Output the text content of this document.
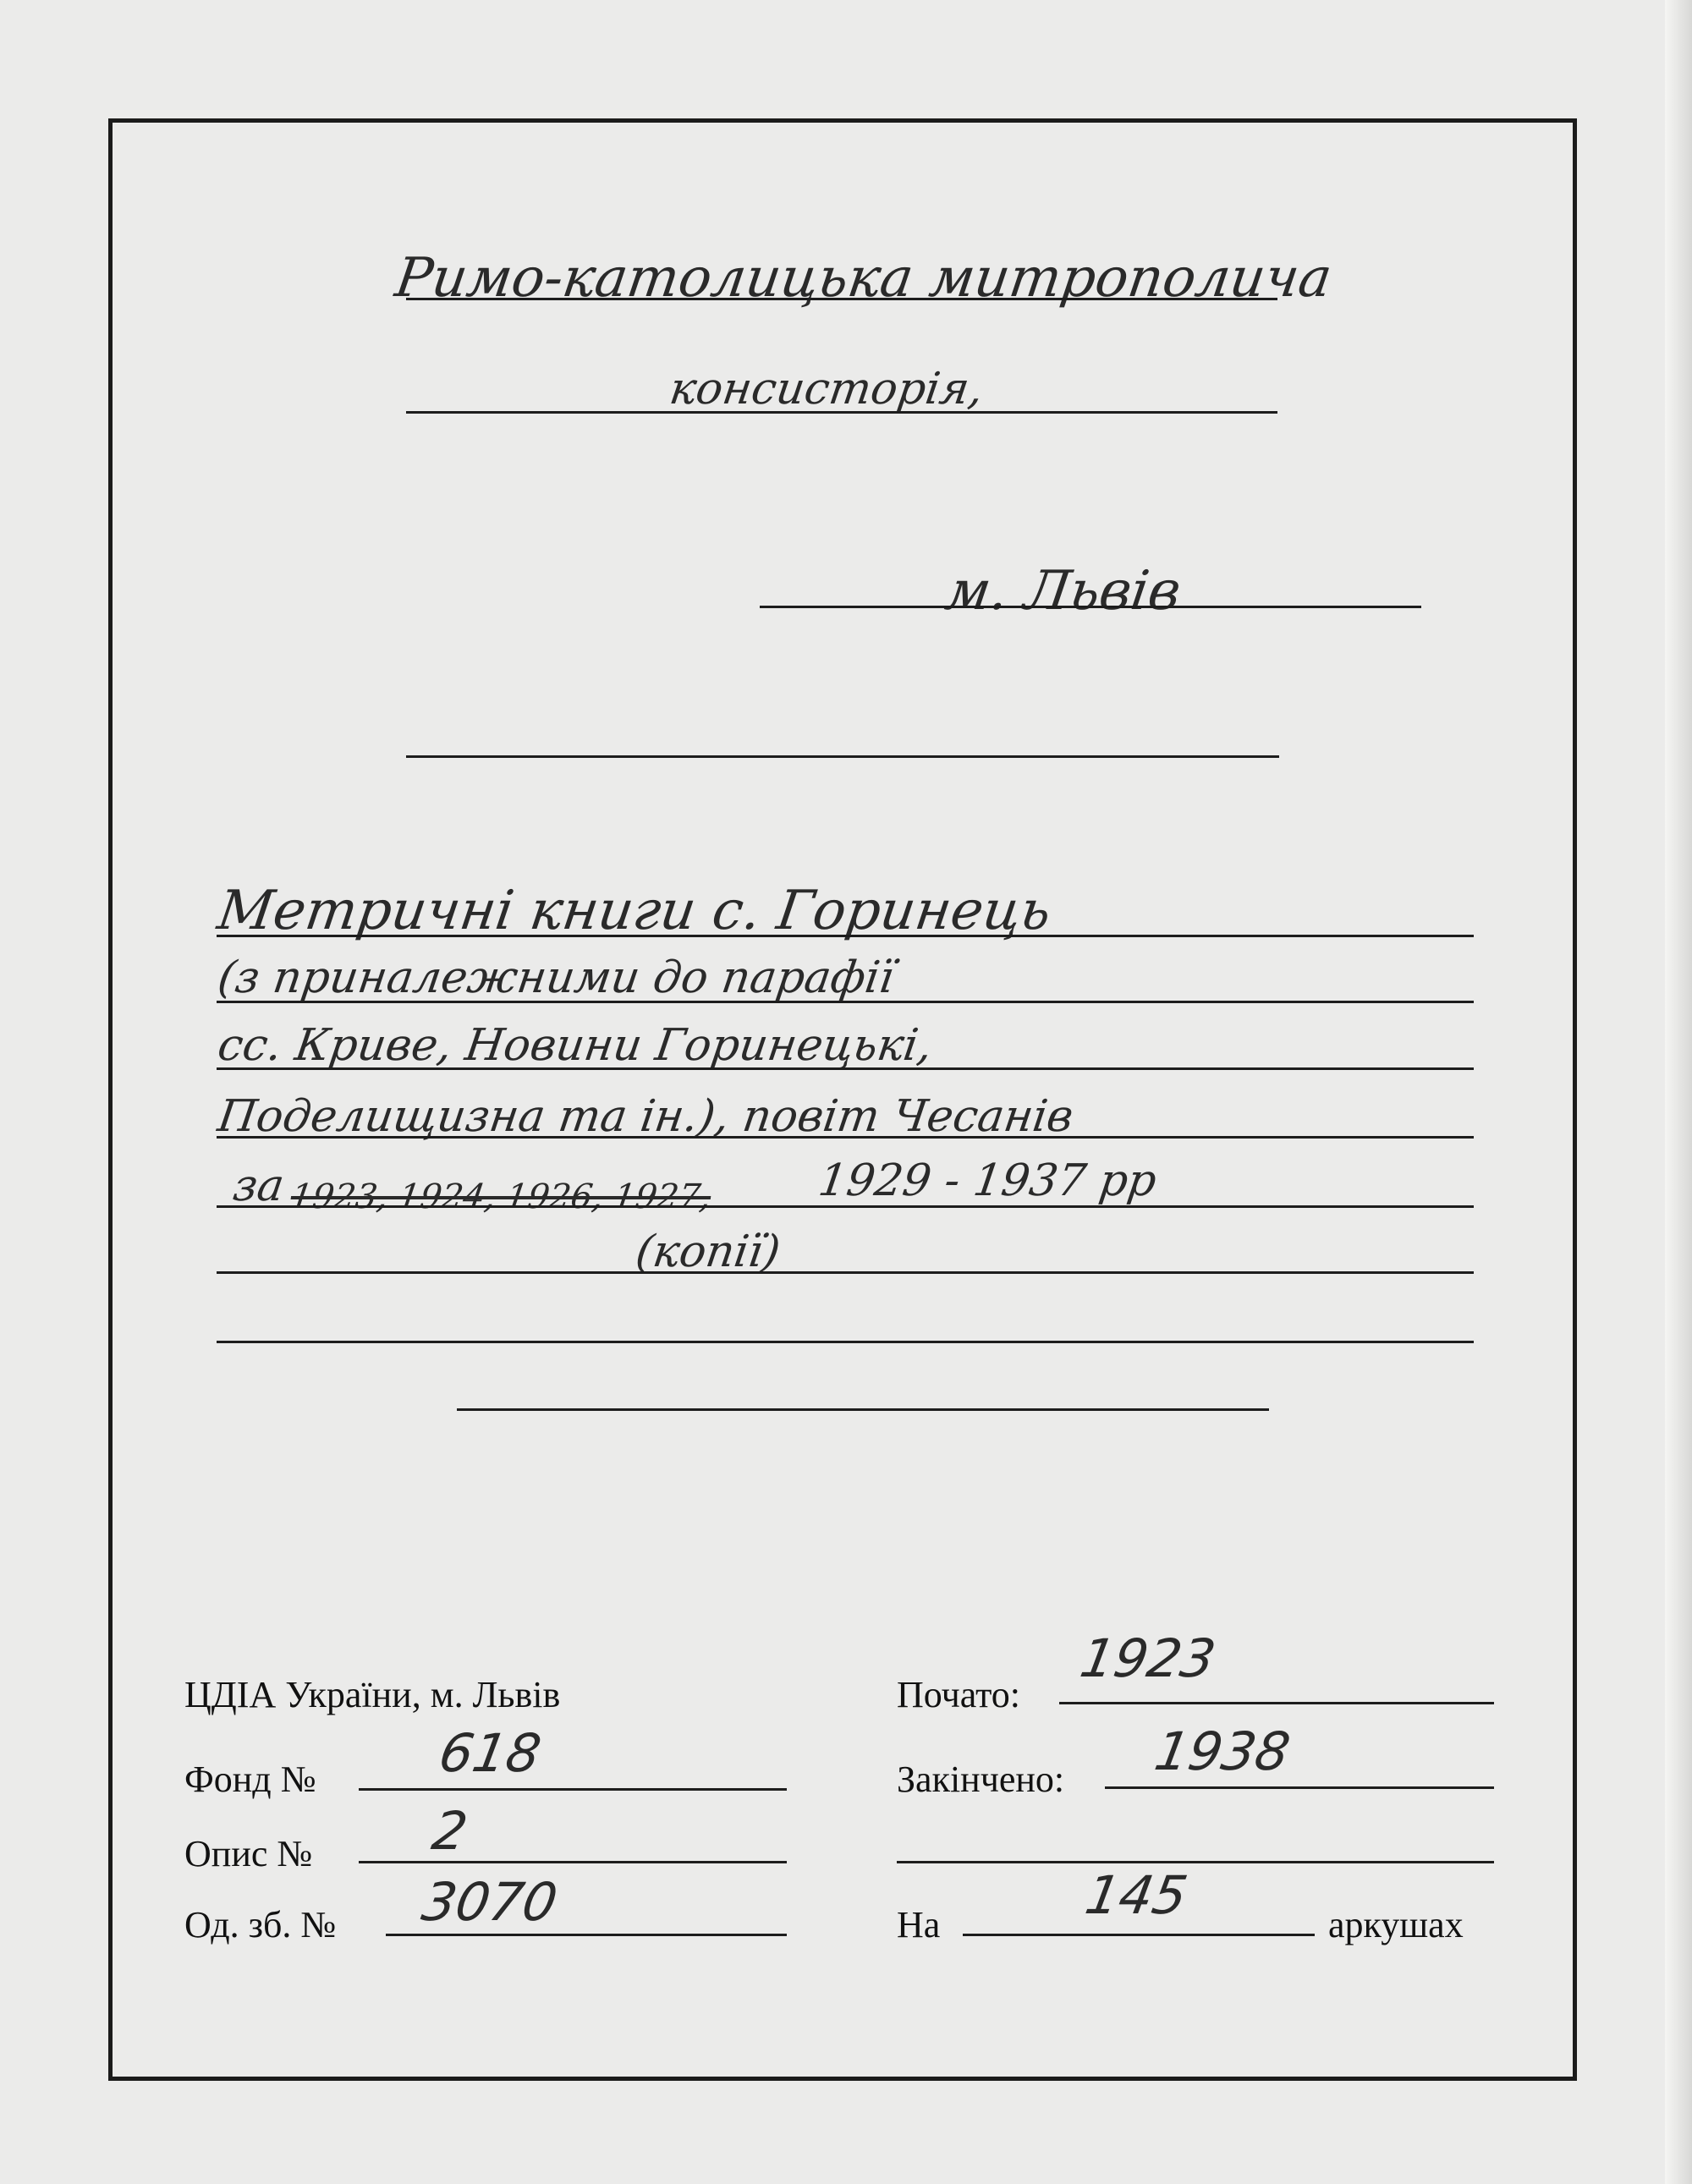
Римо-католицька митрополича
консисторія,
м. Львів
Метричні книги с. Горинець
(з приналежними до парафії
сс. Криве, Новини Горинецькі,
Поделищизна та ін.), повіт Чесанів
за 1923, 1924, 1926, 1927, 1929 - 1937 рр
(копії)
ЦДІА України, м. Львів
Фонд № 618
Опис № 2
Од. зб. № 3070
Почато:
1923
Закінчено: 1938
На	145	аркушах
